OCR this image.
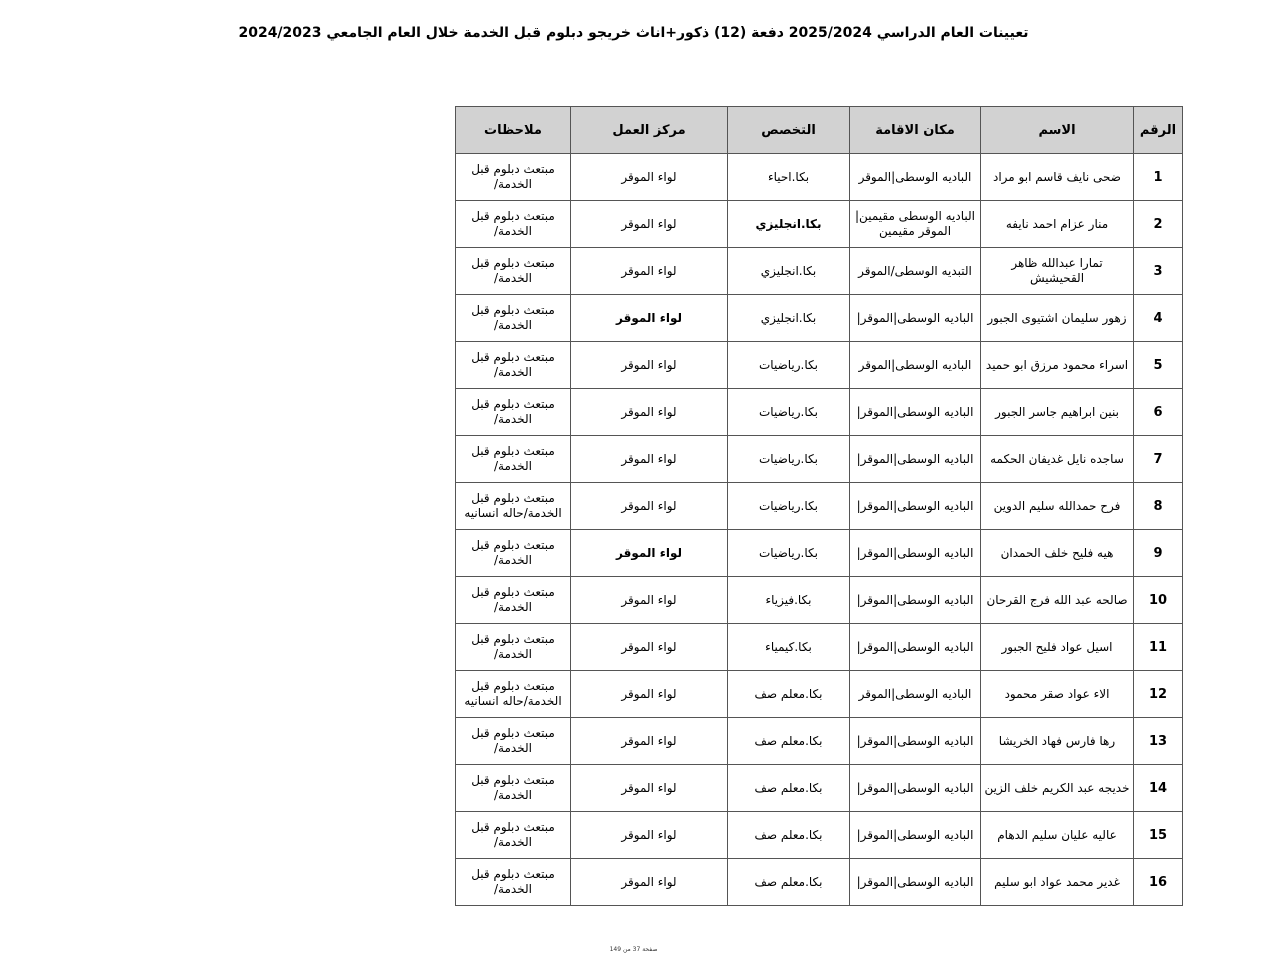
تعيينات العام الدراسي 2025/2024 دفعة (12) ذكور+اناث خريجو دبلوم قبل الخدمة خلال العام الجامعي 2024/2023
الرقم	الاسم	مكان الاقامة	التخصص	مركز العمل	ملاحظات
1	ضحى نايف قاسم ابو مراد	الباديه الوسطى|الموقر	بكا.احياء	لواء الموقر	مبتعث دبلوم قبل الخدمة/
2	منار عزام احمد نايفه	الباديه الوسطى مقيمين|الموقر مقيمين	بكا.انجليزي	لواء الموقر	مبتعث دبلوم قبل الخدمة/
3	تمارا عبدالله ظاهر القحيشيش	التبديه الوسطى/الموقر	بكا.انجليزي	لواء الموقر	مبتعث دبلوم قبل الخدمة/
4	زهور سليمان اشتيوى الجبور	الباديه الوسطى|الموقر|	بكا.انجليزي	لواء الموقر	مبتعث دبلوم قبل الخدمة/
5	اسراء محمود مرزق ابو حميد	الباديه الوسطى|الموقر	بكا.رياضيات	لواء الموقر	مبتعث دبلوم قبل الخدمة/
6	بنين ابراهيم جاسر الجبور	الباديه الوسطى|الموقر|	بكا.رياضيات	لواء الموقر	مبتعث دبلوم قبل الخدمة/
7	ساجده نايل غديفان الحكمه	الباديه الوسطى|الموقر|	بكا.رياضيات	لواء الموقر	مبتعث دبلوم قبل الخدمة/
8	فرح حمدالله سليم الدوين	الباديه الوسطى|الموقر|	بكا.رياضيات	لواء الموقر	مبتعث دبلوم قبل الخدمة/حاله انسانيه
9	هيه فليح خلف الحمدان	الباديه الوسطى|الموقر|	بكا.رياضيات	لواء الموقر	مبتعث دبلوم قبل الخدمة/
10	صالحه عبد الله فرج القرحان	الباديه الوسطى|الموقر|	بكا.فيزياء	لواء الموقر	مبتعث دبلوم قبل الخدمة/
11	اسيل عواد فليح الجبور	الباديه الوسطى|الموقر|	بكا.كيمياء	لواء الموقر	مبتعث دبلوم قبل الخدمة/
12	الاء عواد صقر محمود	الباديه الوسطى|الموقر	بكا.معلم صف	لواء الموقر	مبتعث دبلوم قبل الخدمة/حاله انسانيه
13	رها فارس فهاد الخريشا	الباديه الوسطى|الموقر|	بكا.معلم صف	لواء الموقر	مبتعث دبلوم قبل الخدمة/
14	خديجه عبد الكريم خلف الزين	الباديه الوسطى|الموقر|	بكا.معلم صف	لواء الموقر	مبتعث دبلوم قبل الخدمة/
15	عاليه عليان سليم الدهام	الباديه الوسطى|الموقر|	بكا.معلم صف	لواء الموقر	مبتعث دبلوم قبل الخدمة/
16	غدير محمد عواد ابو سليم	الباديه الوسطى|الموقر|	بكا.معلم صف	لواء الموقر	مبتعث دبلوم قبل الخدمة/
صفحة 37 من 149
